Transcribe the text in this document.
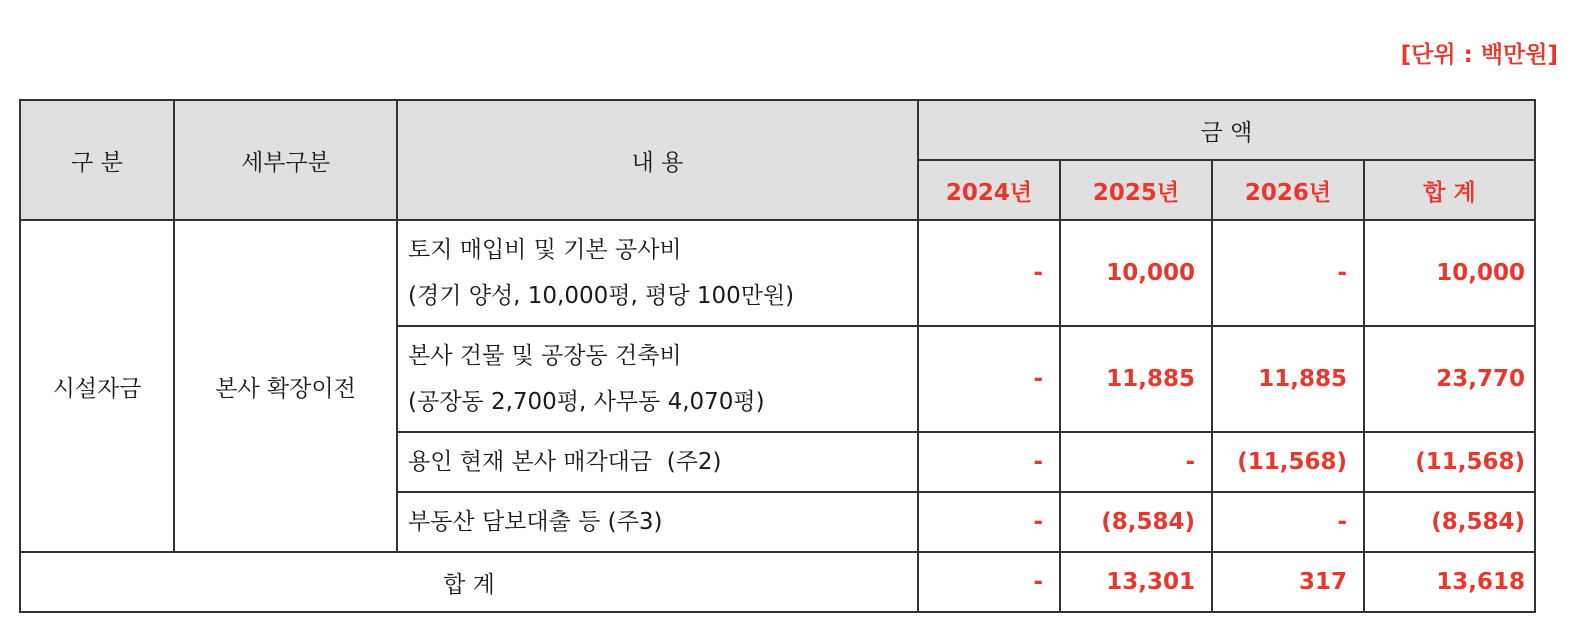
[단위 : 백만원]
구 분	세부구분	내 용	금 액			
			2024년	2025년	2026년	합 계
시설자금	본사 확장이전	토지 매입비 및 기본 공사비
(경기 양성, 10,000평, 평당 100만원)	-	10,000	-	10,000

		본사 건물 및 공장동 건축비
(공장동 2,700평, 사무동 4,070평)	-	11,885	11,885	23,770
		용인 현재 본사 매각대금  (주2)	-	-	(11,568)	(11,568)
		부동산 담보대출 등 (주3)	-	(8,584)	-	(8,584)
합 계			-	13,301	317	13,618
